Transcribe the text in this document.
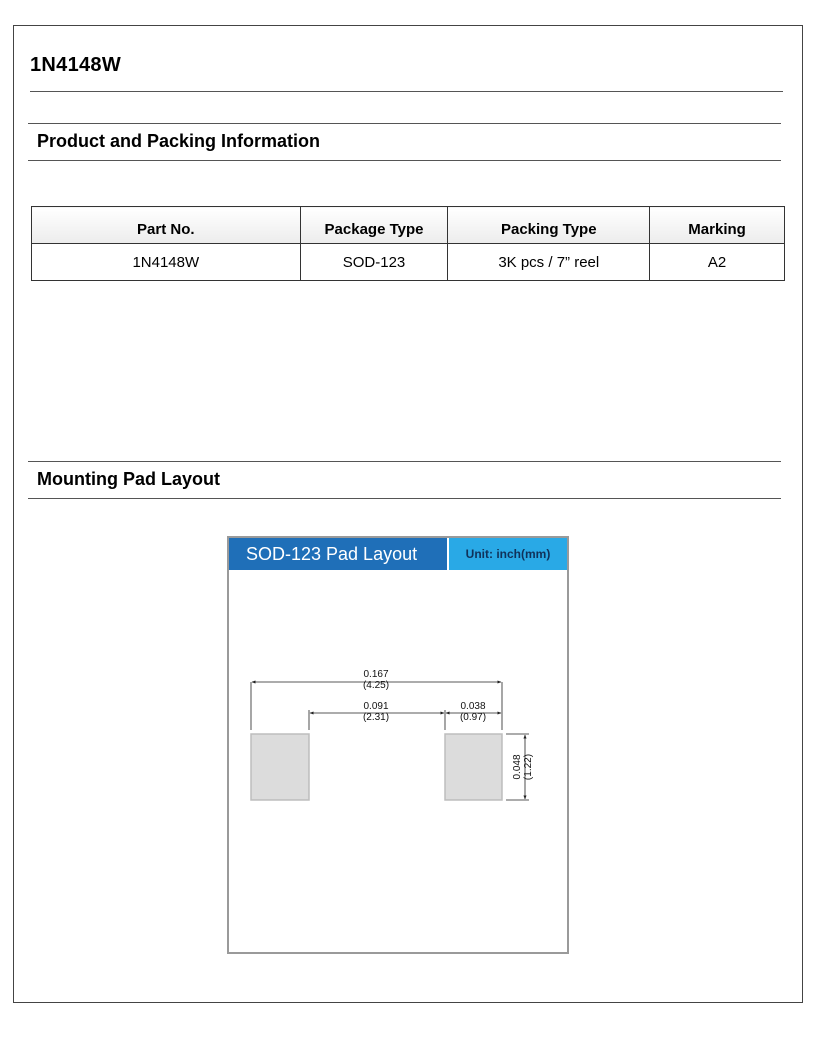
1N4148W
Product and Packing Information
Part No.	Package Type	Packing Type	Marking
1N4148W	SOD-123	3K pcs / 7” reel	A2
Mounting Pad Layout
SOD-123 Pad Layout	Unit: inch(mm)
0.167
(4.25)
0.091
(2.31)
0.038
(0.97)
0.048 (1.22)
